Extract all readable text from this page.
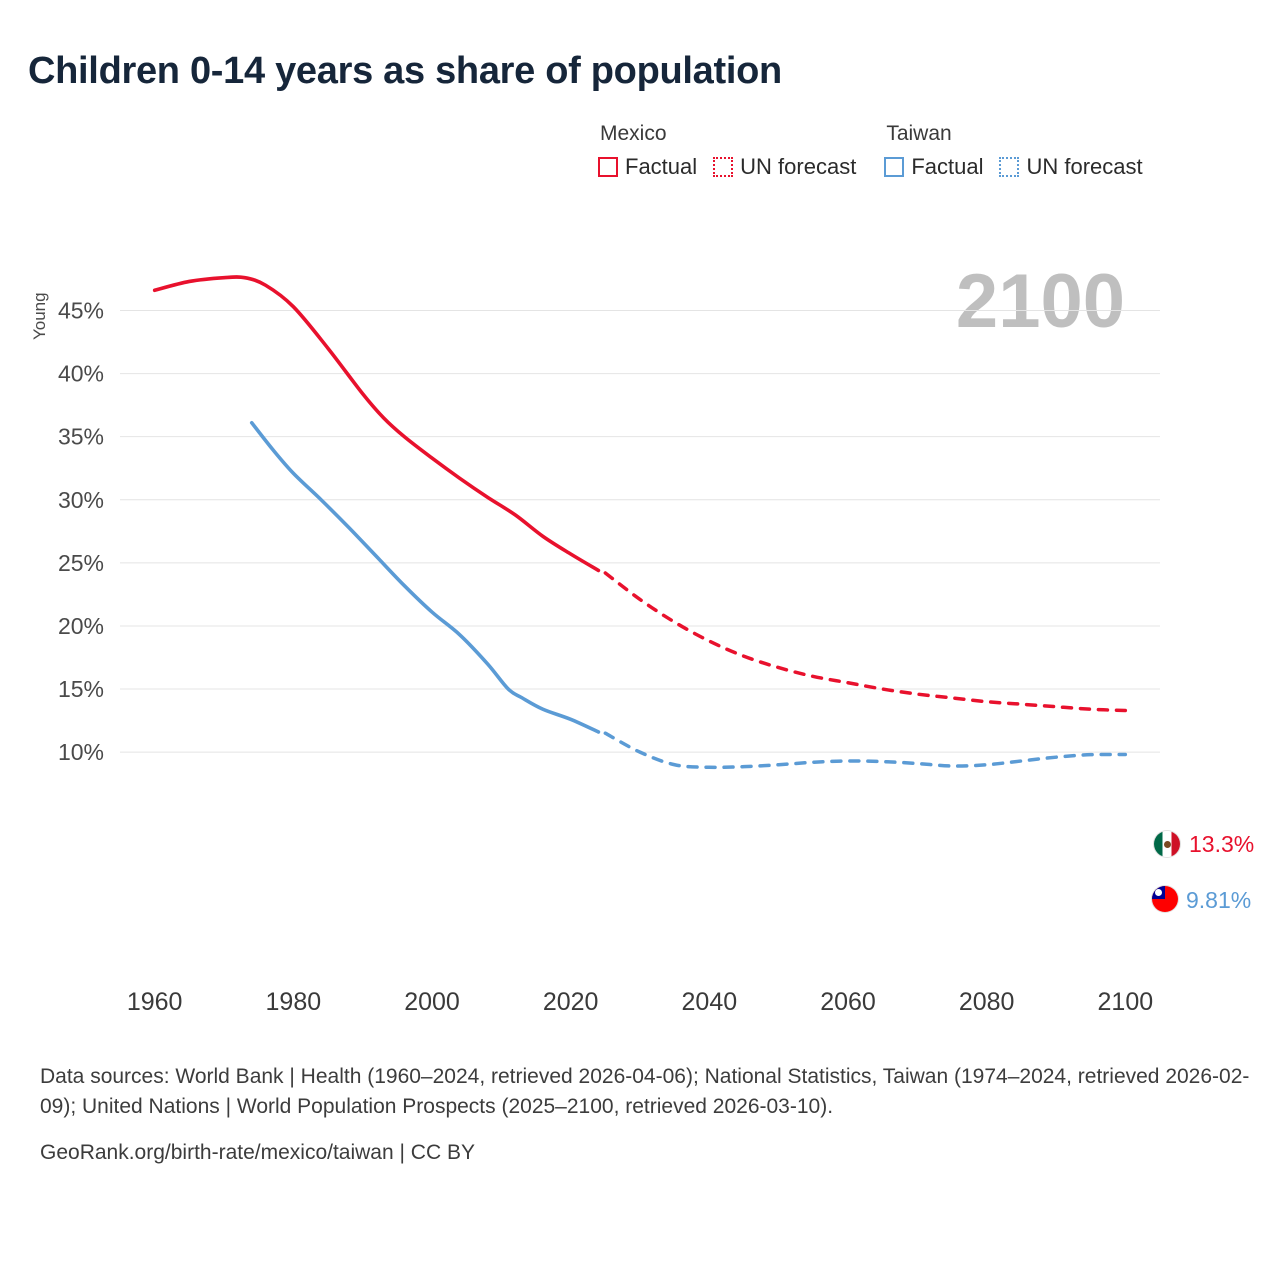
Children 0-14 years as share of population
Mexico
Factual UN forecast
Taiwan
Factual UN forecast
Young	2100
10%
15%
20%
25%
30%
35%
40%
45%
1960	1980	2000	2020	2040	2060	2080	2100
13.3%
9.81%
Data sources: World Bank | Health (1960–2024, retrieved 2026-04-06); National Statistics, Taiwan (1974–2024, retrieved 2026-02-09); United Nations | World Population Prospects (2025–2100, retrieved 2026-03-10).
GeoRank.org/birth-rate/mexico/taiwan | CC BY
